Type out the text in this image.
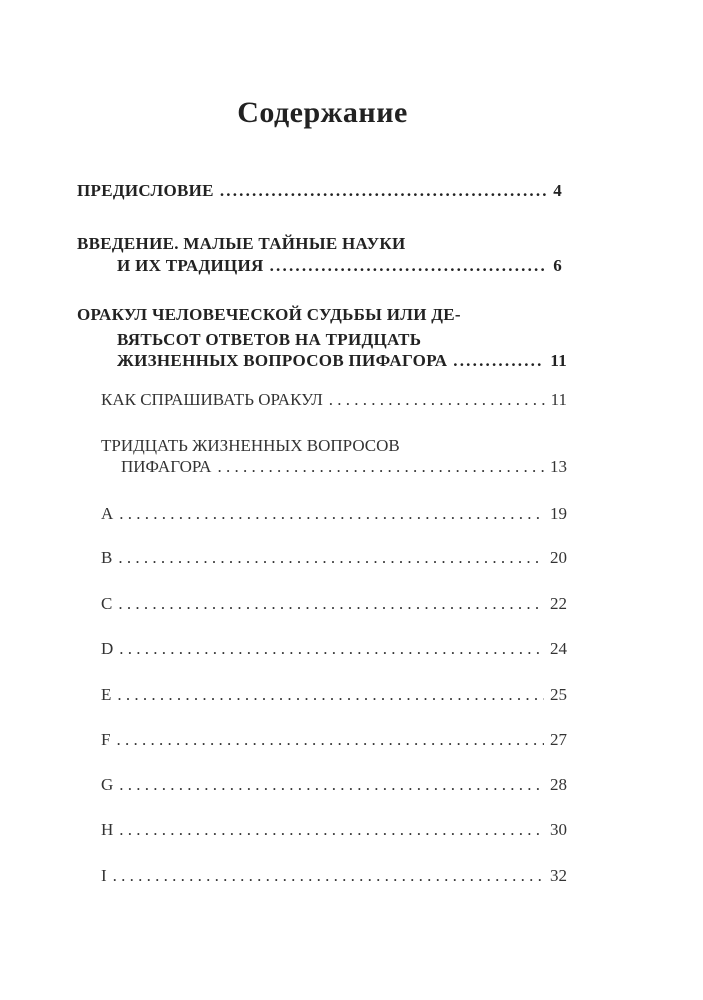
Содержание
ПРЕДИСЛОВИЕ .....	4
ВВЕДЕНИЕ. МАЛЫЕ ТАЙНЫЕ НАУКИ
И ИХ ТРАДИЦИЯ .....	6
ОРАКУЛ ЧЕЛОВЕЧЕСКОЙ СУДЬБЫ ИЛИ ДЕ-
ВЯТЬСОТ ОТВЕТОВ НА ТРИДЦАТЬ
ЖИЗНЕННЫХ ВОПРОСОВ ПИФАГОРА .....	11
КАК СПРАШИВАТЬ ОРАКУЛ . . .	11
ТРИДЦАТЬ ЖИЗНЕННЫХ ВОПРОСОВ
ПИФАГОРА . . .	13
A . . .	19
B . . .	20
C . . .	22
D . . .	24
E . . .	25
F . . .	27
G . . .	28
H . . .	30
I . . .	32
